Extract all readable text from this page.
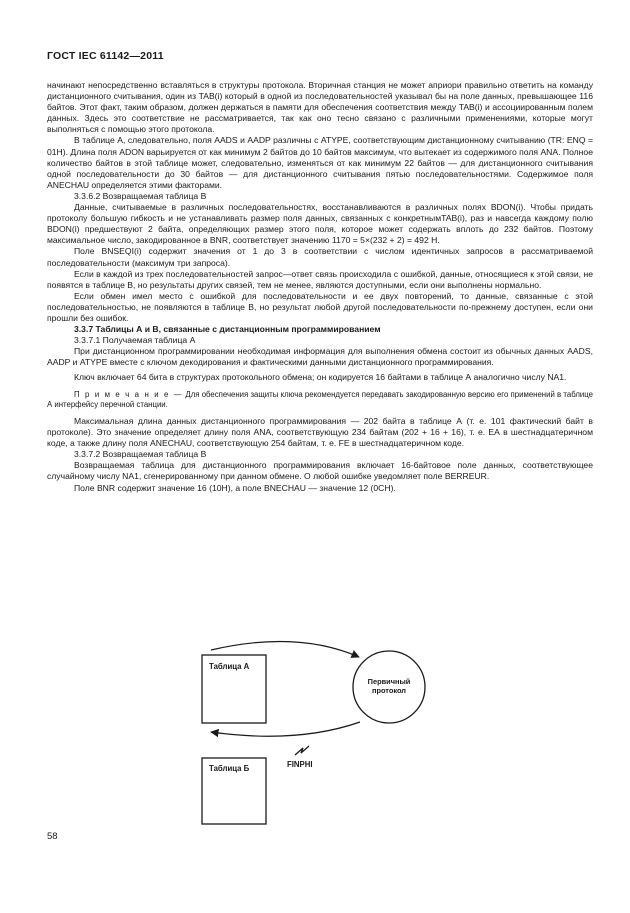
ГОСТ IEC 61142—2011

начинают непосредственно вставляться в структуры протокола. Вторичная станция не может априори правильно ответить на команду дистанционного считывания, один из TAB(i) который в одной из последовательностей указывал бы на поле данных, превышающее 116 байтов. Этот факт, таким образом, должен держаться в памяти для обеспечения соответствия между TAB(i) и ассоциированным полем данных. Здесь это соответствие не рассматривается, так как оно тесно связано с различными применениями, которые могут выполняться с помощью этого протокола.

В таблице А, следовательно, поля AADS и AADP различны с ATYPE, соответствующим дистанционному считыванию (TR: ENQ = 01H). Длина поля ADON варьируется от как минимум 2 байтов до 10 байтов максимум, что вытекает из содержимого поля ANA. Полное количество байтов в этой таблице может, следовательно, изменяться от как минимум 22 байтов — для дистанционного считывания одной последовательности до 30 байтов — для дистанционного считывания пятью последовательностями. Содержимое поля ANECHAU определяется этими факторами.

3.3.6.2 Возвращаемая таблица В

Данные, считываемые в различных последовательностях, восстанавливаются в различных полях BDON(i). Чтобы придать протоколу большую гибкость и не устанавливать размер поля данных, связанных с конкретнымTAB(i), раз и навсегда каждому полю BDON(i) предшествуют 2 байта, определяющих размер этого поля, которое может содержать вплоть до 232 байтов. Поэтому максимальное число, закодированное в BNR, соответствует значению 1170 = 5×(232 + 2) = 492 Н.

Поле BNSEQI(i) содержит значения от 1 до 3 в соответствии с числом идентичных запросов в рассматриваемой последовательности (максимум три запроса).

Если в каждой из трех последовательностей запрос—ответ связь происходила с ошибкой, данные, относящиеся к этой связи, не появятся в таблице В, но результаты других связей, тем не менее, являются доступными, если они выполнены нормально.

Если обмен имел место с ошибкой для последовательности и ее двух повторений, то данные, связанные с этой последовательностью, не появляются в таблице В, но результат любой другой последовательности по-прежнему доступен, если они прошли без ошибок.

3.3.7 Таблицы А и В, связанные с дистанционным программированием

3.3.7.1 Получаемая таблица А

При дистанционном программировании необходимая информация для выполнения обмена состоит из обычных данных AADS, AADP и ATYPE вместе с ключом декодирования и фактическими данными дистанционного программирования.

Ключ включает 64 бита в структурах протокольного обмена; он кодируется 16 байтами в таблице А аналогично числу NA1.

П р и м е ч а н и е — Для обеспечения защиты ключа рекомендуется передавать закодированную версию его применений в таблице А интерфейсу перечной станции.

Максимальная длина данных дистанционного программирования — 202 байта в таблице А (т. е. 101 фактический байт в протоколе). Это значение определяет длину поля ANA, соответствующую 234 байтам (202 + 16 + 16), т. е. ЕА в шестнадцатеричном коде, а также длину поля ANECHAU, соответствующую 254 байтам, т. е. FE в шестнадцатеричном коде.

3.3.7.2 Возвращаемая таблица В

Возвращаемая таблица для дистанционного программирования включает 16-байтовое поле данных, соответствующее случайному числу NA1, сгенерированному при данном обмене. О любой ошибке уведомляет поле BERREUR.

Поле BNR содержит значение 16 (10H), а поле BNECHAU — значение 12 (0CH).

Таблица А
Таблица Б
Первичный
протокол
FINPHI
58
